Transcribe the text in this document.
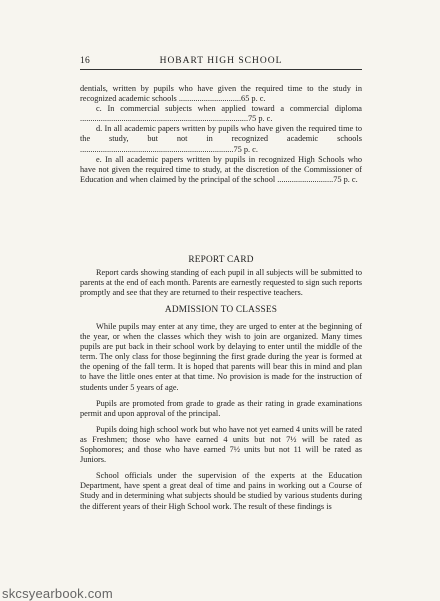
16	HOBART HIGH SCHOOL

dentials, written by pupils who have given the required time to the study in recognized academic schools ..............................65 p. c.

c. In commercial subjects when applied toward a commercial diploma .................................................................................75 p. c.

d. In all academic papers written by pupils who have given the required time to the study, but not in recognized academic schools ..........................................................................75 p. c.

e. In all academic papers written by pupils in recognized High Schools who have not given the required time to study, at the discretion of the Commissioner of Education and when claimed by the principal of the school ...........................75 p. c.

REPORT CARD

Report cards showing standing of each pupil in all subjects will be submitted to parents at the end of each month. Parents are earnestly requested to sign such reports promptly and see that they are returned to their respective teachers.

ADMISSION TO CLASSES

While pupils may enter at any time, they are urged to enter at the beginning of the year, or when the classes which they wish to join are organized. Many times pupils are put back in their school work by delaying to enter until the middle of the term. The only class for those beginning the first grade during the year is formed at the opening of the fall term. It is hoped that parents will bear this in mind and plan to have the little ones enter at that time. No provision is made for the instruction of students under 5 years of age.

Pupils are promoted from grade to grade as their rating in grade examinations permit and upon approval of the principal.

Pupils doing high school work but who have not yet earned 4 units will be rated as Freshmen; those who have earned 4 units but not 7½ will be rated as Sophomores; and those who have earned 7½ units but not 11 will be rated as Juniors.

School officials under the supervision of the experts at the Education Department, have spent a great deal of time and pains in working out a Course of Study and in determining what subjects should be studied by various students during the different years of their High School work. The result of these findings is

skcsyearbook.com
